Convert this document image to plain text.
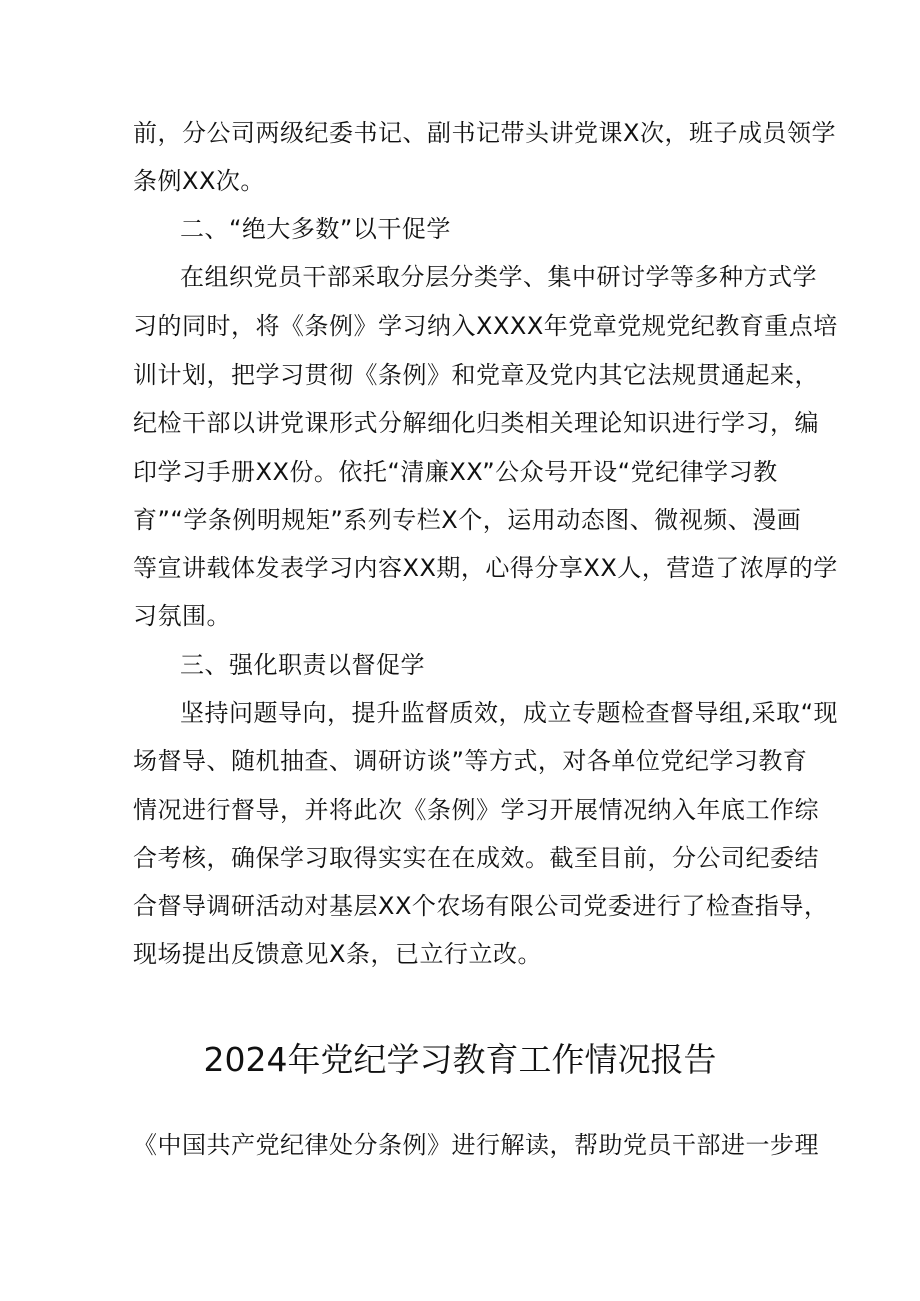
前，分公司两级纪委书记、副书记带头讲党课X次，班子成员领学
条例XX次。
二、“绝大多数”以干促学
在组织党员干部采取分层分类学、集中研讨学等多种方式学
习的同时，将《条例》学习纳入XXXX年党章党规党纪教育重点培
训计划，把学习贯彻《条例》和党章及党内其它法规贯通起来，
纪检干部以讲党课形式分解细化归类相关理论知识进行学习，编
印学习手册XX份。依托“清廉XX”公众号开设“党纪律学习教
育”“学条例明规矩”系列专栏X个，运用动态图、微视频、漫画
等宣讲载体发表学习内容XX期，心得分享XX人，营造了浓厚的学
习氛围。
三、强化职责以督促学
坚持问题导向，提升监督质效，成立专题检查督导组,采取“现
场督导、随机抽查、调研访谈”等方式，对各单位党纪学习教育
情况进行督导，并将此次《条例》学习开展情况纳入年底工作综
合考核，确保学习取得实实在在成效。截至目前，分公司纪委结
合督导调研活动对基层XX个农场有限公司党委进行了检查指导，
现场提出反馈意见X条，已立行立改。
2024年党纪学习教育工作情况报告
《中国共产党纪律处分条例》进行解读，帮助党员干部进一步理
